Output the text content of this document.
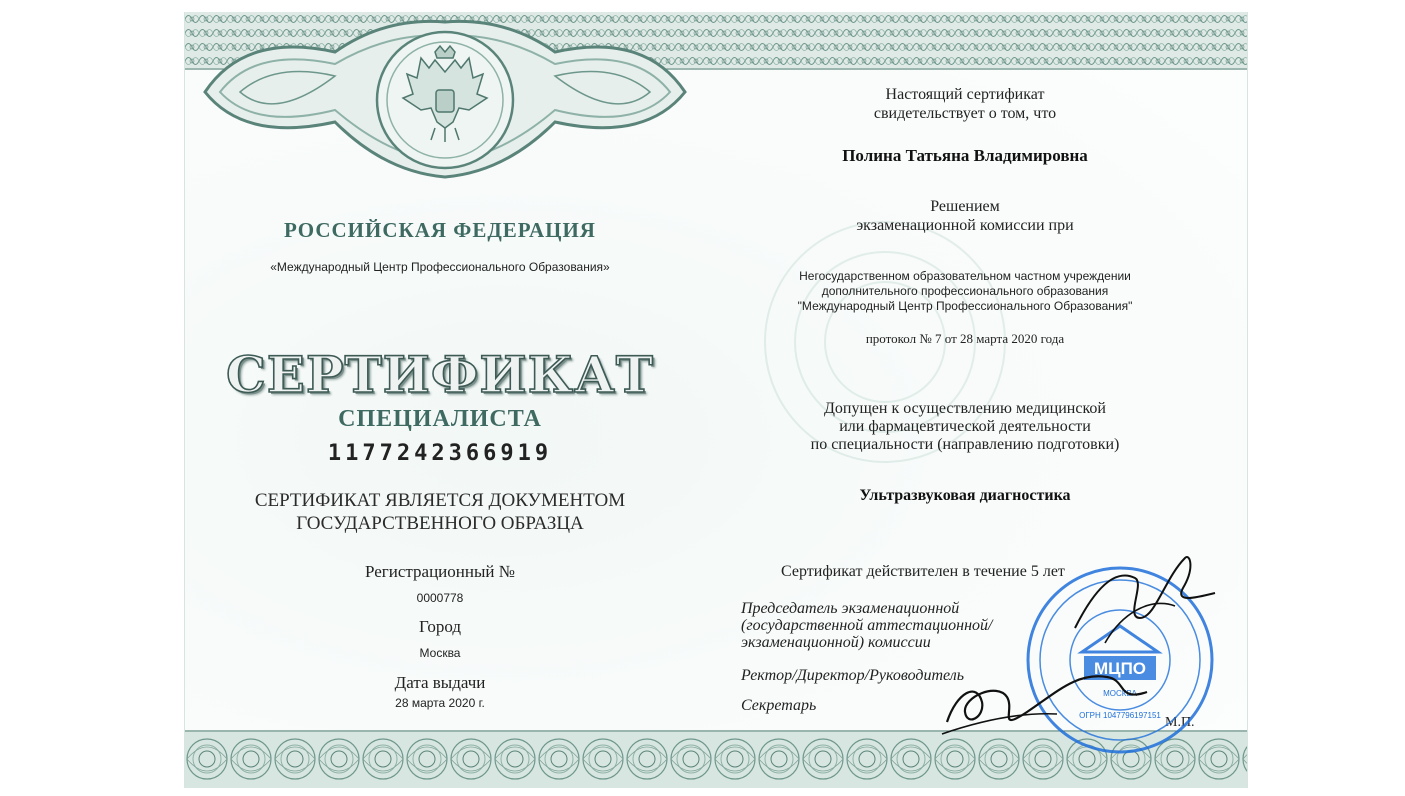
РОССИЙСКАЯ ФЕДЕРАЦИЯ
«Международный Центр Профессионального Образования»
СЕРТИФИКАТ
СПЕЦИАЛИСТА
1177242366919
СЕРТИФИКАТ ЯВЛЯЕТСЯ ДОКУМЕНТОМ
ГОСУДАРСТВЕННОГО ОБРАЗЦА
Регистрационный №
0000778
Город
Москва
Дата выдачи
28 марта 2020 г.
Настоящий сертификат
свидетельствует о том, что
Полина Татьяна Владимировна
Решением
экзаменационной комиссии при
Негосударственном образовательном частном учреждении
дополнительного профессионального образования
"Международный Центр Профессионального Образования"
протокол № 7 от 28 марта 2020 года
Допущен к осуществлению медицинской
или фармацевтической деятельности
по специальности (направлению подготовки)
Ультразвуковая диагностика
Сертификат действителен в течение 5 лет
Председатель экзаменационной
(государственной аттестационной/
экзаменационной) комиссии
Ректор/Директор/Руководитель
Секретарь
М.П.
МЦПО
МОСКВА
ОГРН 1047796197151
